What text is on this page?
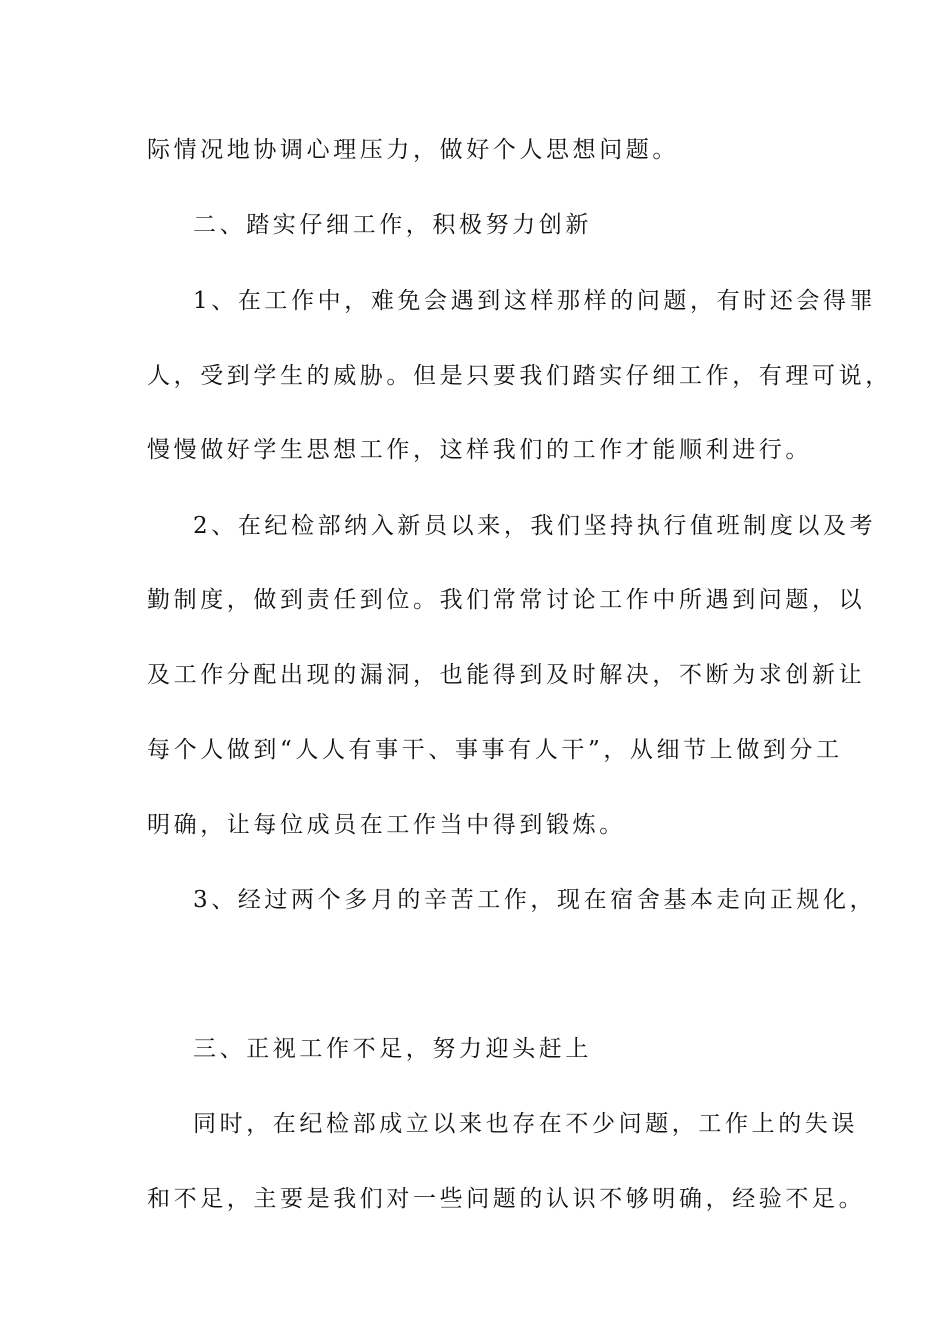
际情况地协调心理压力，做好个人思想问题。
二、踏实仔细工作，积极努力创新
1、在工作中，难免会遇到这样那样的问题，有时还会得罪
人，受到学生的威胁。但是只要我们踏实仔细工作，有理可说，
慢慢做好学生思想工作，这样我们的工作才能顺利进行。
2、在纪检部纳入新员以来，我们坚持执行值班制度以及考
勤制度，做到责任到位。我们常常讨论工作中所遇到问题，以
及工作分配出现的漏洞，也能得到及时解决，不断为求创新让
每个人做到“人人有事干、事事有人干”，从细节上做到分工
明确，让每位成员在工作当中得到锻炼。
3、经过两个多月的辛苦工作，现在宿舍基本走向正规化，
三、正视工作不足，努力迎头赶上
同时，在纪检部成立以来也存在不少问题，工作上的失误
和不足，主要是我们对一些问题的认识不够明确，经验不足。
